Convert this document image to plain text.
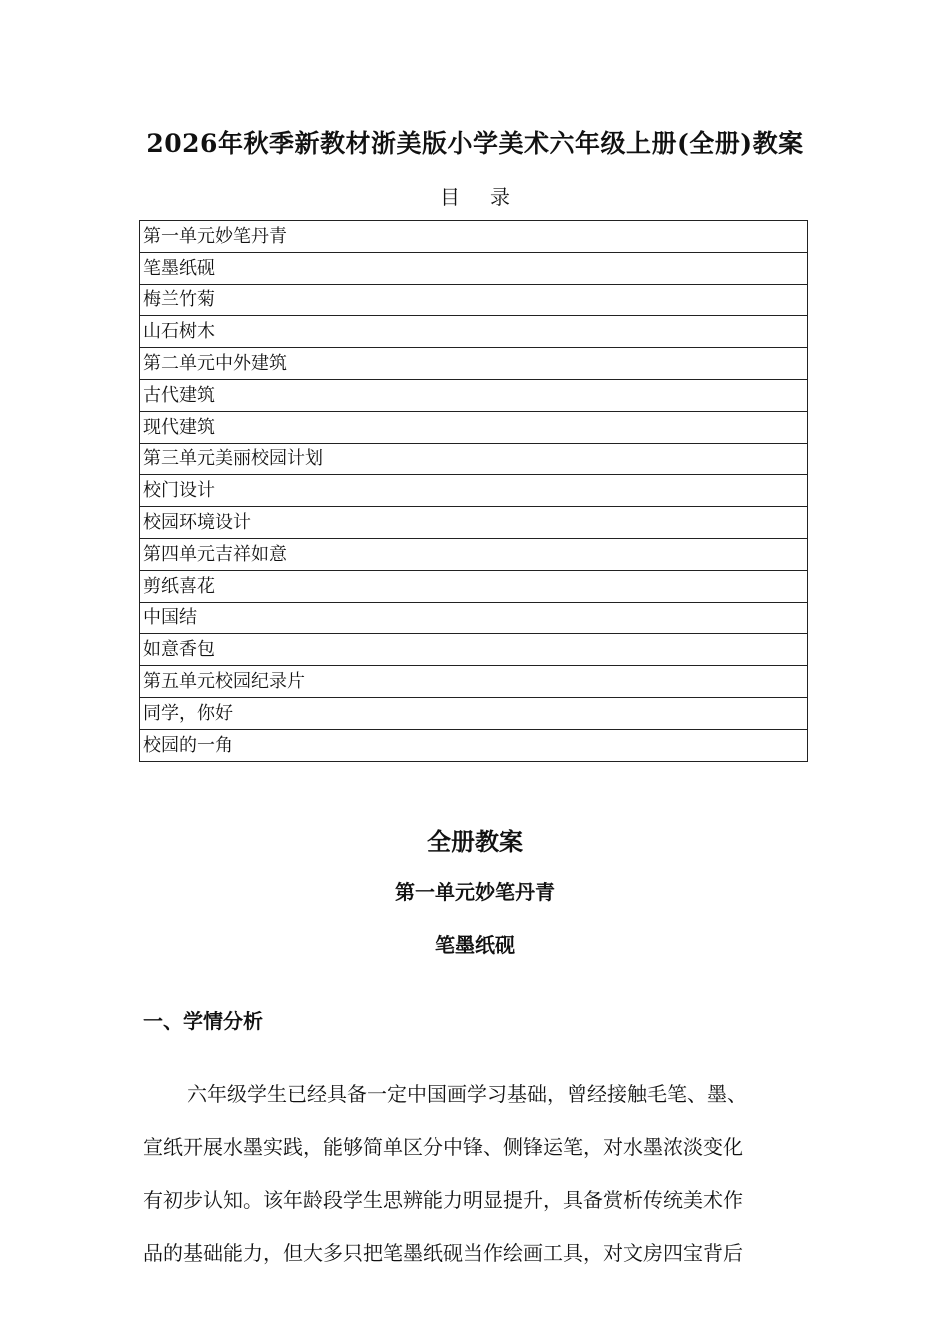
2026年秋季新教材浙美版小学美术六年级上册(全册)教案
目录
第一单元妙笔丹青
笔墨纸砚
梅兰竹菊
山石树木
第二单元中外建筑
古代建筑
现代建筑
第三单元美丽校园计划
校门设计
校园环境设计
第四单元吉祥如意
剪纸喜花
中国结
如意香包
第五单元校园纪录片
同学，你好
校园的一角
全册教案
第一单元妙笔丹青
笔墨纸砚
一、学情分析
六年级学生已经具备一定中国画学习基础，曾经接触毛笔、墨、
宣纸开展水墨实践，能够简单区分中锋、侧锋运笔，对水墨浓淡变化
有初步认知。该年龄段学生思辨能力明显提升，具备赏析传统美术作
品的基础能力，但大多只把笔墨纸砚当作绘画工具，对文房四宝背后
